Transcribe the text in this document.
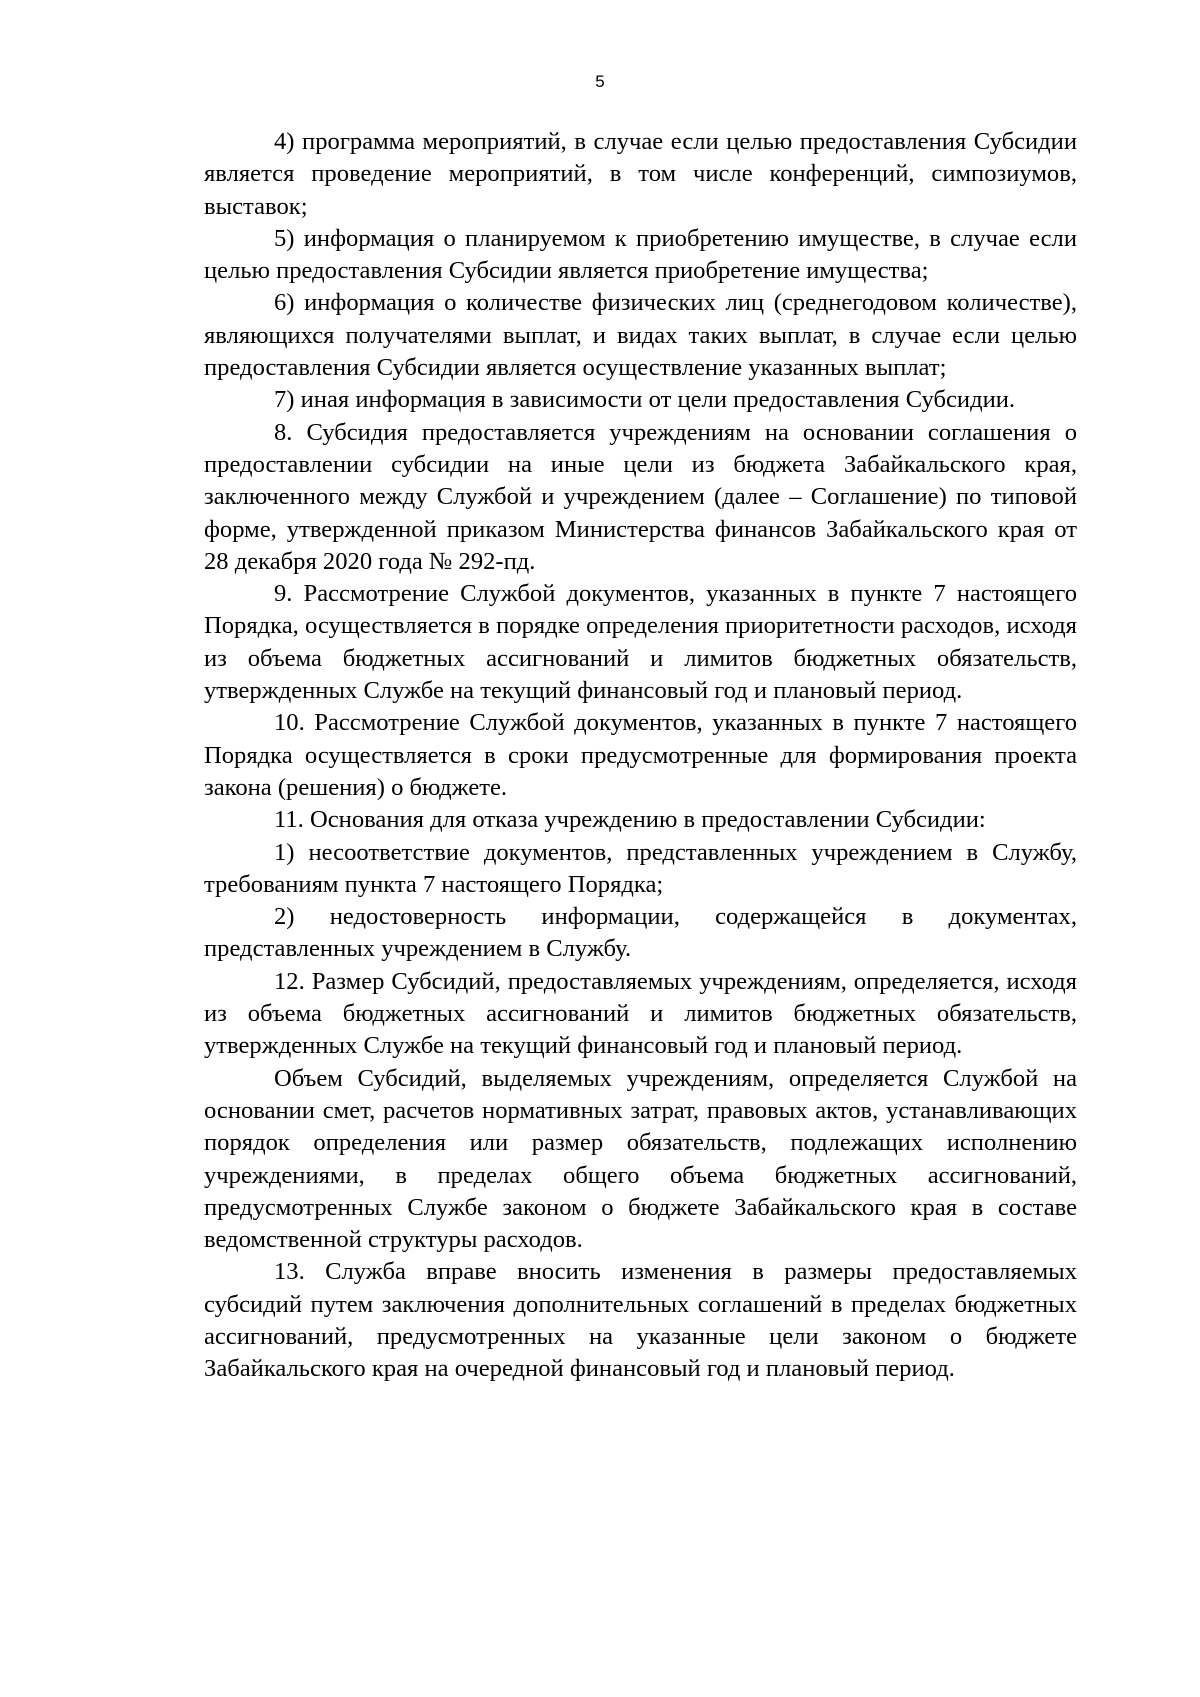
5

4) программа мероприятий, в случае если целью предоставления Субсидии является проведение мероприятий, в том числе конференций, симпозиумов, выставок;

5) информация о планируемом к приобретению имуществе, в случае если целью предоставления Субсидии является приобретение имущества;

6) информация о количестве физических лиц (среднегодовом количестве), являющихся получателями выплат, и видах таких выплат, в случае если целью предоставления Субсидии является осуществление указанных выплат;

7) иная информация в зависимости от цели предоставления Субсидии.

8. Субсидия предоставляется учреждениям на основании соглашения о предоставлении субсидии на иные цели из бюджета Забайкальского края, заключенного между Службой и учреждением (далее – Соглашение) по типовой форме, утвержденной приказом Министерства финансов Забайкальского края от 28 декабря 2020 года № 292-пд.

9. Рассмотрение Службой документов, указанных в пункте 7 настоящего Порядка, осуществляется в порядке определения приоритетности расходов, исходя из объема бюджетных ассигнований и лимитов бюджетных обязательств, утвержденных Службе на текущий финансовый год и плановый период.

10. Рассмотрение Службой документов, указанных в пункте 7 настоящего Порядка осуществляется в сроки предусмотренные для формирования проекта закона (решения) о бюджете.

11. Основания для отказа учреждению в предоставлении Субсидии:

1) несоответствие документов, представленных учреждением в Службу, требованиям пункта 7 настоящего Порядка;

2) недостоверность информации, содержащейся в документах, представленных учреждением в Службу.

12. Размер Субсидий, предоставляемых учреждениям, определяется, исходя из объема бюджетных ассигнований и лимитов бюджетных обязательств, утвержденных Службе на текущий финансовый год и плановый период.

Объем Субсидий, выделяемых учреждениям, определяется Службой на основании смет, расчетов нормативных затрат, правовых актов, устанавливающих порядок определения или размер обязательств, подлежащих исполнению учреждениями, в пределах общего объема бюджетных ассигнований, предусмотренных Службе законом о бюджете Забайкальского края в составе ведомственной структуры расходов.

13. Служба вправе вносить изменения в размеры предоставляемых субсидий путем заключения дополнительных соглашений в пределах бюджетных ассигнований, предусмотренных на указанные цели законом о бюджете Забайкальского края на очередной финансовый год и плановый период.
